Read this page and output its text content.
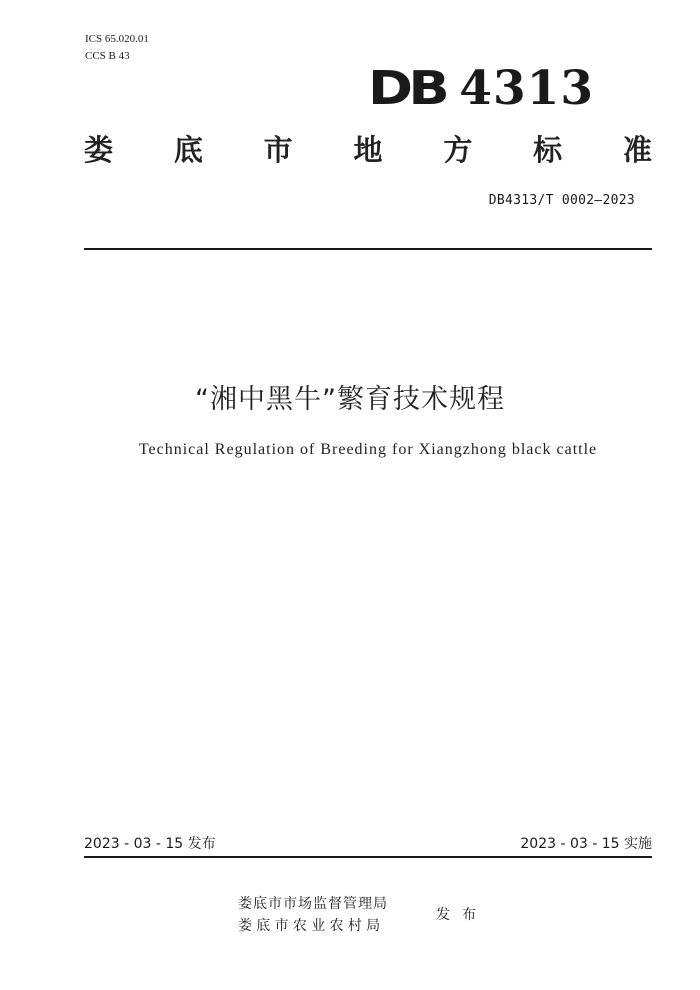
ICS 65.020.01
CCS B 43
DB 4313
娄 底 市 地 方 标 准
DB4313/T 0002—2023
“湘中黑牛”繁育技术规程
Technical Regulation of Breeding for Xiangzhong black cattle
2023 - 03 - 15 发布	2023 - 03 - 15 实施
娄底市市场监督管理局
娄底市农业农村局
发布
